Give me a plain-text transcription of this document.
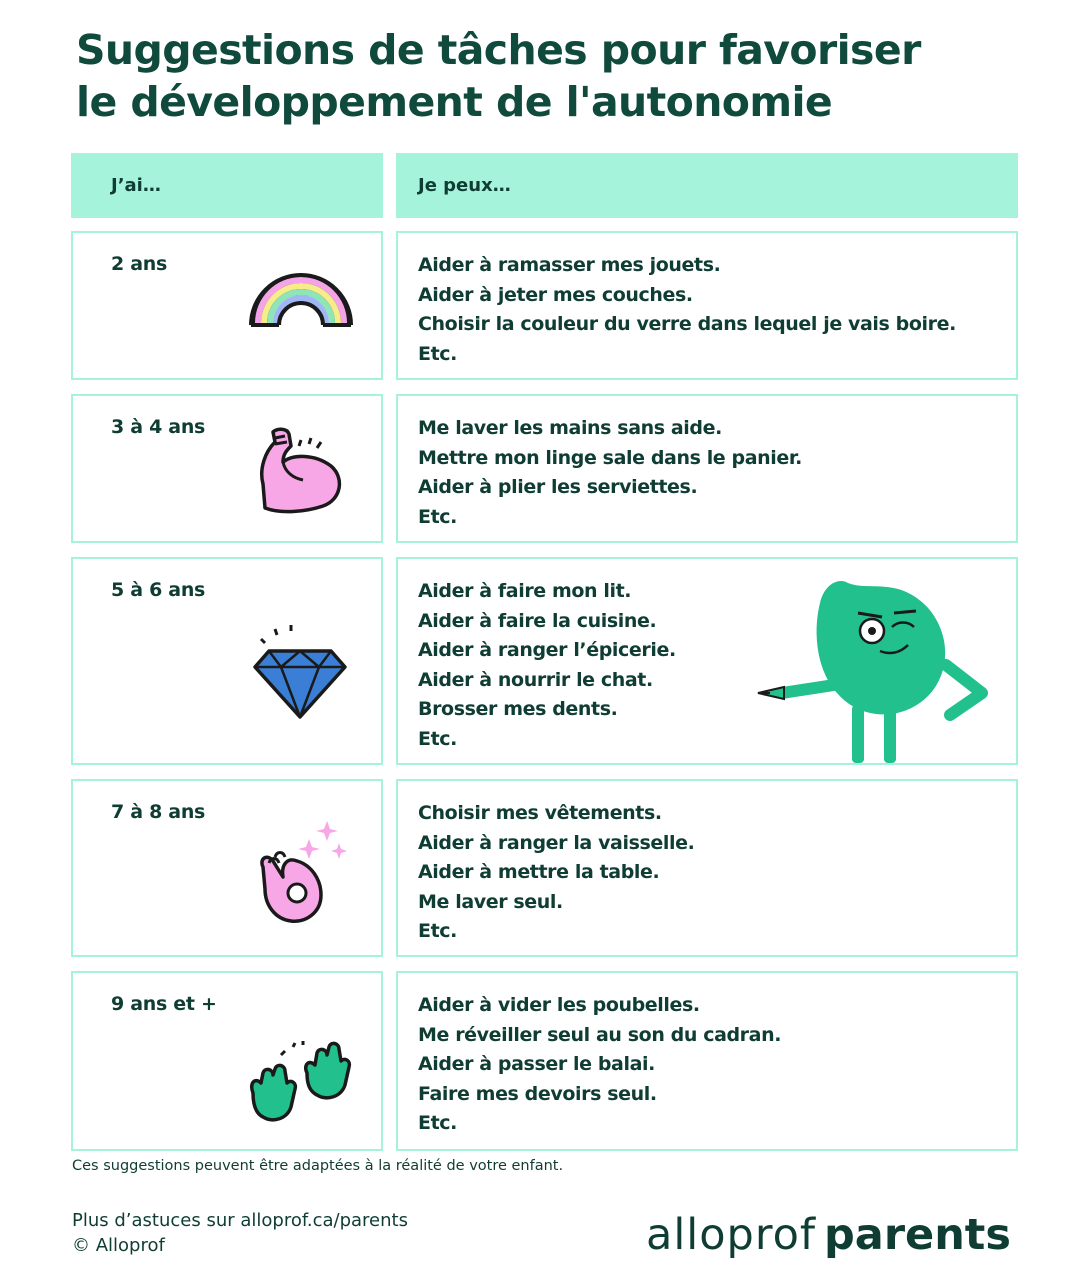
Suggestions de tâches pour favoriser
le développement de l'autonomie
J’ai…	Je peux…
2 ans	Aider à ramasser mes jouets.
Aider à jeter mes couches.
Choisir la couleur du verre dans lequel je vais boire.
Etc.
3 à 4 ans	Me laver les mains sans aide.
Mettre mon linge sale dans le panier.
Aider à plier les serviettes.
Etc.
5 à 6 ans	Aider à faire mon lit.
Aider à faire la cuisine.
Aider à ranger l’épicerie.
Aider à nourrir le chat.
Brosser mes dents.
Etc.
7 à 8 ans	Choisir mes vêtements.
Aider à ranger la vaisselle.
Aider à mettre la table.
Me laver seul.
Etc.
9 ans et +	Aider à vider les poubelles.
Me réveiller seul au son du cadran.
Aider à passer le balai.
Faire mes devoirs seul.
Etc.
Ces suggestions peuvent être adaptées à la réalité de votre enfant.
Plus d’astuces sur alloprof.ca/parents
© Alloprof	alloprof parents
